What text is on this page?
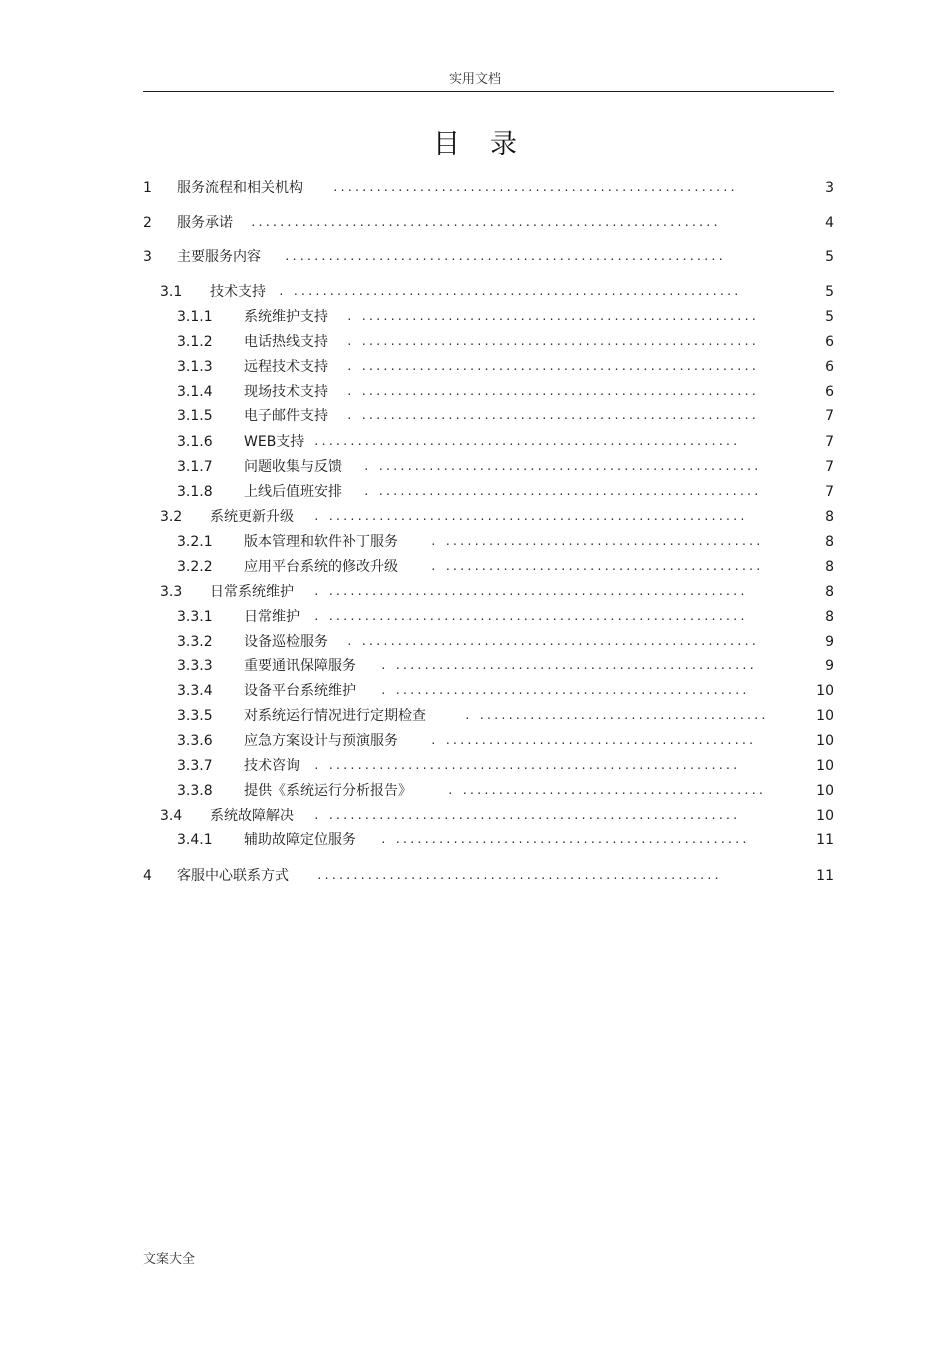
实用文档
目录
1 服务流程和相关机构	........................................................	3
2 服务承诺 .................................................................	4
3 主要服务内容 .............................................................	5
3.1 技术支持 . ..............................................................	5
3.1.1 系统维护支持 . .......................................................	5
3.1.2 电话热线支持 . .......................................................	6
3.1.3 远程技术支持 . .......................................................	6
3.1.4 现场技术支持 . .......................................................	6
3.1.5 电子邮件支持 . .......................................................	7
3.1.6 WEB支持 ...........................................................	7
3.1.7 问题收集与反馈 . .....................................................	7
3.1.8 上线后值班安排 . .....................................................	7
3.2 系统更新升级 . ..........................................................	8
3.2.1 版本管理和软件补丁服务	. ............................................	8
3.2.2 应用平台系统的修改升级	. ............................................	8
3.3 日常系统维护 . ..........................................................	8
3.3.1 日常维护 . ..........................................................	8
3.3.2 设备巡检服务 . .......................................................	9
3.3.3 重要通讯保障服务 . ..................................................	9
3.3.4 设备平台系统维护 . .................................................	10
3.3.5 对系统运行情况进行定期检查	. ........................................	10
3.3.6 应急方案设计与预演服务	. ...........................................	10
3.3.7 技术咨询 . .........................................................	10
3.3.8 提供《系统运行分析报告》	. ..........................................	10
3.4 系统故障解决 . .........................................................	10
3.4.1 辅助故障定位服务 . .................................................	11
4 客服中心联系方式 ........................................................	11
文案大全
